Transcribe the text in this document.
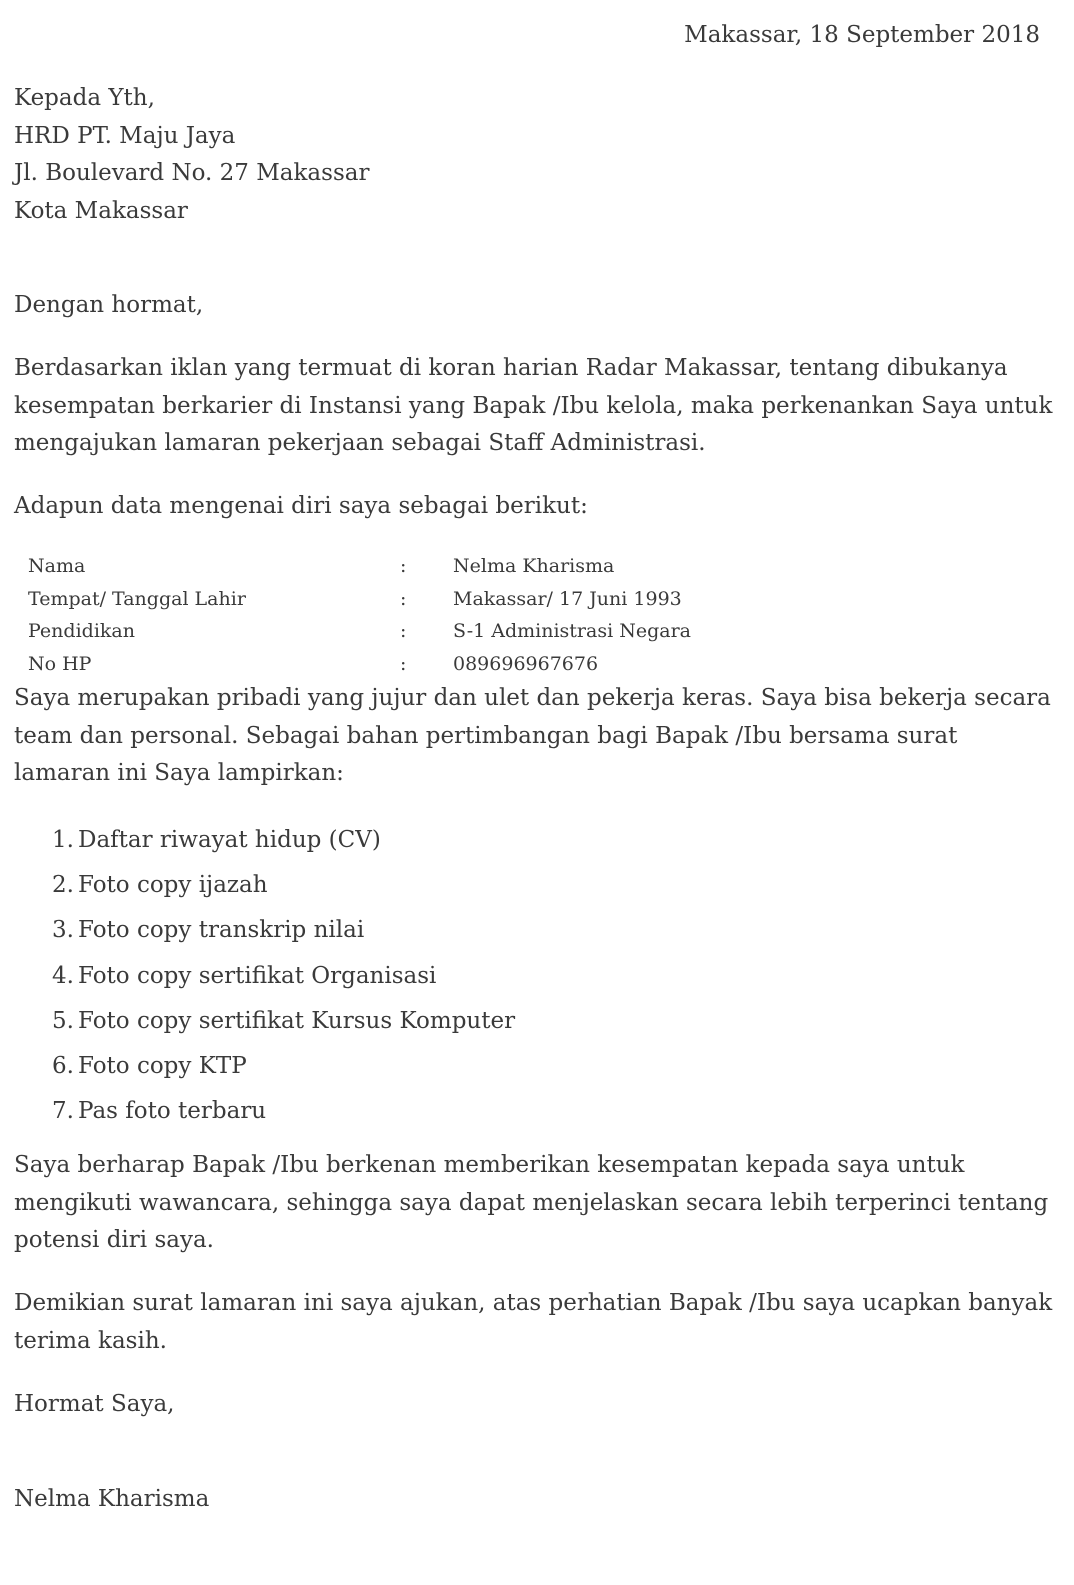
Makassar, 18 September 2018
Kepada Yth,
HRD PT. Maju Jaya
Jl. Boulevard No. 27 Makassar
Kota Makassar

Dengan hormat,

Berdasarkan iklan yang termuat di koran harian Radar Makassar, tentang dibukanya kesempatan berkarier di Instansi yang Bapak /Ibu kelola, maka perkenankan Saya untuk mengajukan lamaran pekerjaan sebagai Staff Administrasi.

Adapun data mengenai diri saya sebagai berikut:

Nama	: Nelma Kharisma
Tempat/ Tanggal Lahir	: Makassar/ 17 Juni 1993
Pendidikan	: S-1 Administrasi Negara
No HP	: 089696967676

Saya merupakan pribadi yang jujur dan ulet dan pekerja keras. Saya bisa bekerja secara team dan personal. Sebagai bahan pertimbangan bagi Bapak /Ibu bersama surat lamaran ini Saya lampirkan:

1. Daftar riwayat hidup (CV)
2. Foto copy ijazah
3. Foto copy transkrip nilai
4. Foto copy sertifikat Organisasi
5. Foto copy sertifikat Kursus Komputer
6. Foto copy KTP
7. Pas foto terbaru

Saya berharap Bapak /Ibu berkenan memberikan kesempatan kepada saya untuk mengikuti wawancara, sehingga saya dapat menjelaskan secara lebih terperinci tentang potensi diri saya.

Demikian surat lamaran ini saya ajukan, atas perhatian Bapak /Ibu saya ucapkan banyak terima kasih.

Hormat Saya,

Nelma Kharisma
